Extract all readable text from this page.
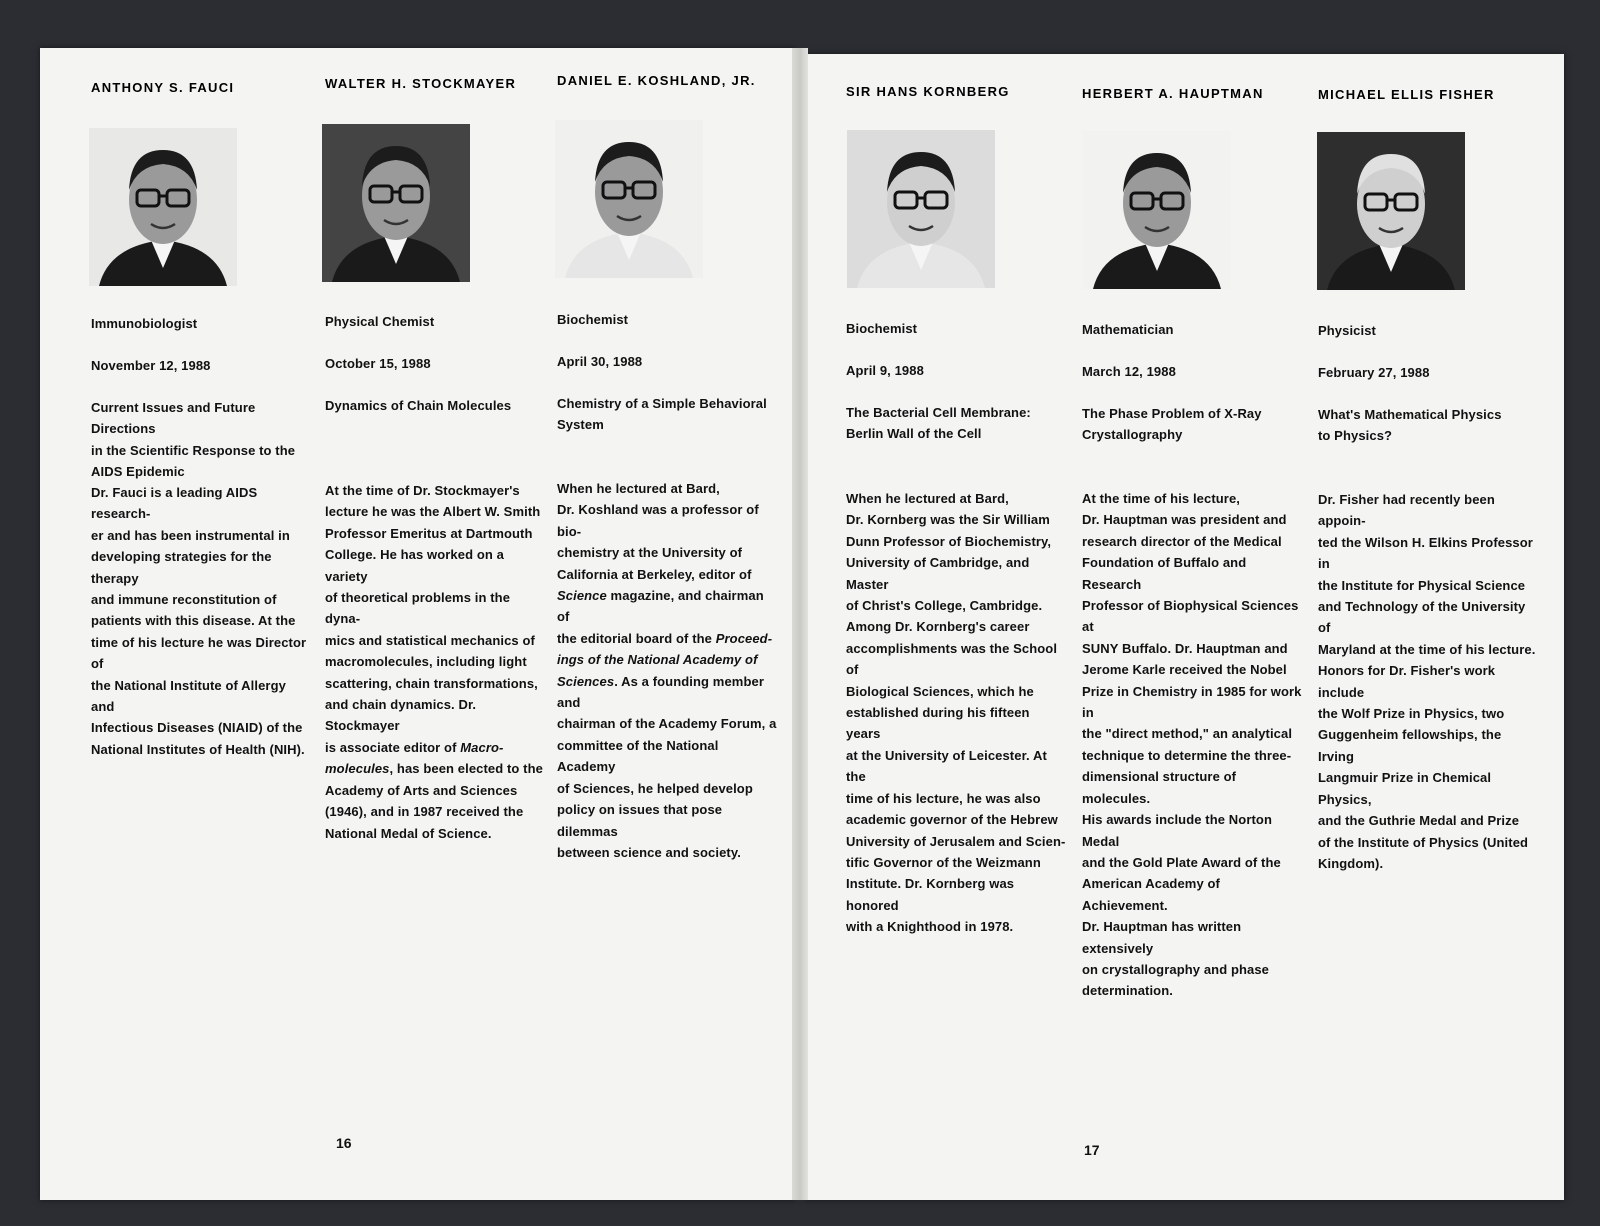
ANTHONY S. FAUCI
Immunobiologist
November 12, 1988
Current Issues and Future Directions
in the Scientific Response to the
AIDS Epidemic
Dr. Fauci is a leading AIDS research-
er and has been instrumental in
developing strategies for the therapy
and immune reconstitution of
patients with this disease. At the
time of his lecture he was Director of
the National Institute of Allergy and
Infectious Diseases (NIAID) of the
National Institutes of Health (NIH).
WALTER H. STOCKMAYER
Physical Chemist
October 15, 1988
Dynamics of Chain Molecules
At the time of Dr. Stockmayer's
lecture he was the Albert W. Smith
Professor Emeritus at Dartmouth
College. He has worked on a variety
of theoretical problems in the dyna-
mics and statistical mechanics of
macromolecules, including light
scattering, chain transformations,
and chain dynamics. Dr. Stockmayer
is associate editor of Macro-
molecules, has been elected to the
Academy of Arts and Sciences
(1946), and in 1987 received the
National Medal of Science.
DANIEL E. KOSHLAND, JR.
Biochemist
April 30, 1988
Chemistry of a Simple Behavioral
System
When he lectured at Bard,
Dr. Koshland was a professor of bio-
chemistry at the University of
California at Berkeley, editor of
Science magazine, and chairman of
the editorial board of the Proceed-
ings of the National Academy of
Sciences. As a founding member and
chairman of the Academy Forum, a
committee of the National Academy
of Sciences, he helped develop
policy on issues that pose dilemmas
between science and society.
SIR HANS KORNBERG
Biochemist
April 9, 1988
The Bacterial Cell Membrane:
Berlin Wall of the Cell
When he lectured at Bard,
Dr. Kornberg was the Sir William
Dunn Professor of Biochemistry,
University of Cambridge, and Master
of Christ's College, Cambridge.
Among Dr. Kornberg's career
accomplishments was the School of
Biological Sciences, which he
established during his fifteen years
at the University of Leicester. At the
time of his lecture, he was also
academic governor of the Hebrew
University of Jerusalem and Scien-
tific Governor of the Weizmann
Institute. Dr. Kornberg was honored
with a Knighthood in 1978.
HERBERT A. HAUPTMAN
Mathematician
March 12, 1988
The Phase Problem of X-Ray
Crystallography
At the time of his lecture,
Dr. Hauptman was president and
research director of the Medical
Foundation of Buffalo and Research
Professor of Biophysical Sciences at
SUNY Buffalo. Dr. Hauptman and
Jerome Karle received the Nobel
Prize in Chemistry in 1985 for work in
the "direct method," an analytical
technique to determine the three-
dimensional structure of molecules.
His awards include the Norton Medal
and the Gold Plate Award of the
American Academy of Achievement.
Dr. Hauptman has written extensively
on crystallography and phase
determination.
MICHAEL ELLIS FISHER
Physicist
February 27, 1988
What's Mathematical Physics
to Physics?
Dr. Fisher had recently been appoin-
ted the Wilson H. Elkins Professor in
the Institute for Physical Science
and Technology of the University of
Maryland at the time of his lecture.
Honors for Dr. Fisher's work include
the Wolf Prize in Physics, two
Guggenheim fellowships, the Irving
Langmuir Prize in Chemical Physics,
and the Guthrie Medal and Prize
of the Institute of Physics (United
Kingdom).
16	17
